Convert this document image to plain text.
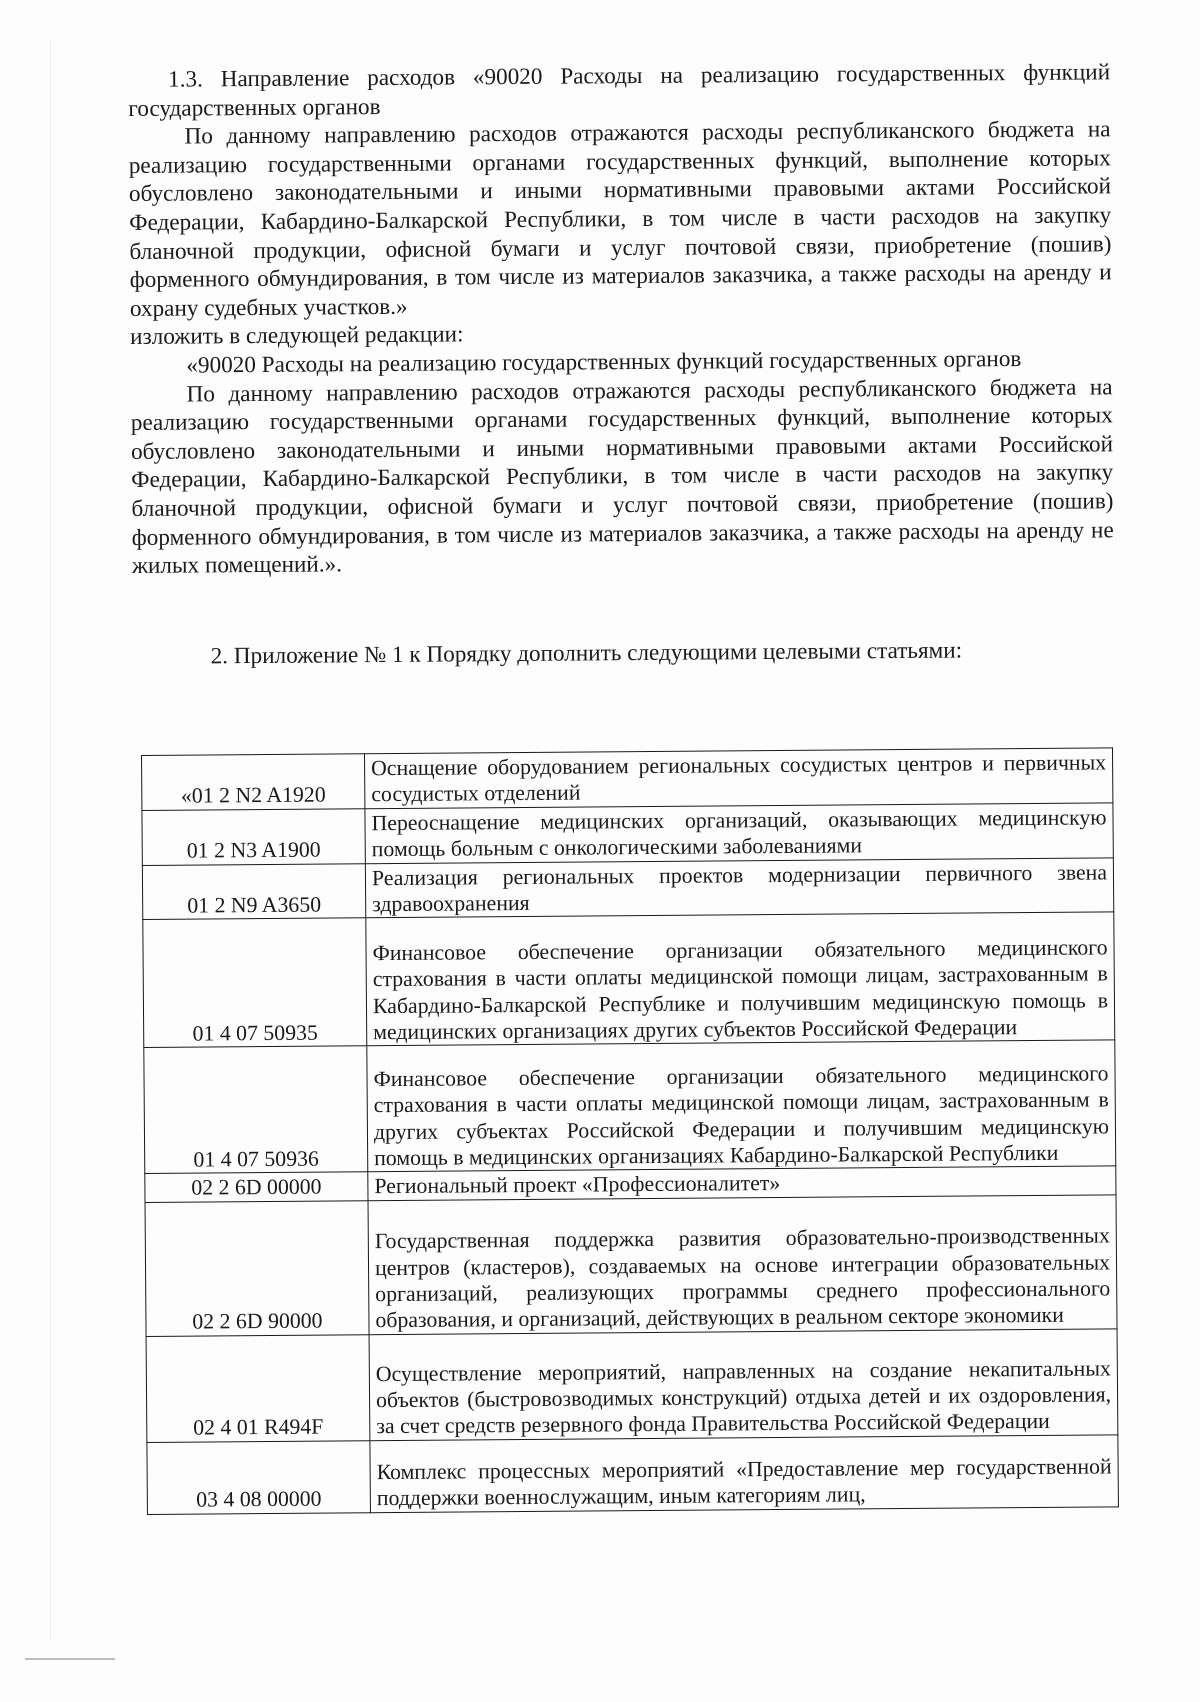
1.3. Направление расходов «90020 Расходы на реализацию государственных функций государственных органов

По данному направлению расходов отражаются расходы республиканского бюджета на реализацию государственными органами государственных функций, выполнение которых обусловлено законодательными и иными нормативными правовыми актами Российской Федерации, Кабардино-Балкарской Республики, в том числе в части расходов на закупку бланочной продукции, офисной бумаги и услуг почтовой связи, приобретение (пошив) форменного обмундирования, в том числе из материалов заказчика, а также расходы на аренду и охрану судебных участков.»

изложить в следующей редакции:

«90020 Расходы на реализацию государственных функций государственных органов

По данному направлению расходов отражаются расходы республиканского бюджета на реализацию государственными органами государственных функций, выполнение которых обусловлено законодательными и иными нормативными правовыми актами Российской Федерации, Кабардино-Балкарской Республики, в том числе в части расходов на закупку бланочной продукции, офисной бумаги и услуг почтовой связи, приобретение (пошив) форменного обмундирования, в том числе из материалов заказчика, а также расходы на аренду не жилых помещений.».

2. Приложение № 1 к Порядку дополнить следующими целевыми статьями:

«01 2 N2 A1920	Оснащение оборудованием региональных сосудистых центров и первичных сосудистых отделений

01 2 N3 A1900	Переоснащение медицинских организаций, оказывающих медицинскую помощь больным с онкологическими заболеваниями

01 2 N9 A3650	Реализация региональных проектов модернизации первичного звена здравоохранения

01 4 07 50935	Финансовое обеспечение организации обязательного медицинского страхования в части оплаты медицинской помощи лицам, застрахованным в Кабардино-Балкарской Республике и получившим медицинскую помощь в медицинских организациях других субъектов Российской Федерации

01 4 07 50936	Финансовое обеспечение организации обязательного медицинского страхования в части оплаты медицинской помощи лицам, застрахованным в других субъектах Российской Федерации и получившим медицинскую помощь в медицинских организациях Кабардино-Балкарской Республики

02 2 6D 00000	Региональный проект «Профессионалитет»

02 2 6D 90000	Государственная поддержка развития образовательно-производственных центров (кластеров), создаваемых на основе интеграции образовательных организаций, реализующих программы среднего профессионального образования, и организаций, действующих в реальном секторе экономики

02 4 01 R494F	Осуществление мероприятий, направленных на создание некапитальных объектов (быстровозводимых конструкций) отдыха детей и их оздоровления, за счет средств резервного фонда Правительства Российской Федерации

03 4 08 00000	Комплекс процессных мероприятий «Предоставление мер государственной поддержки военнослужащим, иным категориям лиц,
